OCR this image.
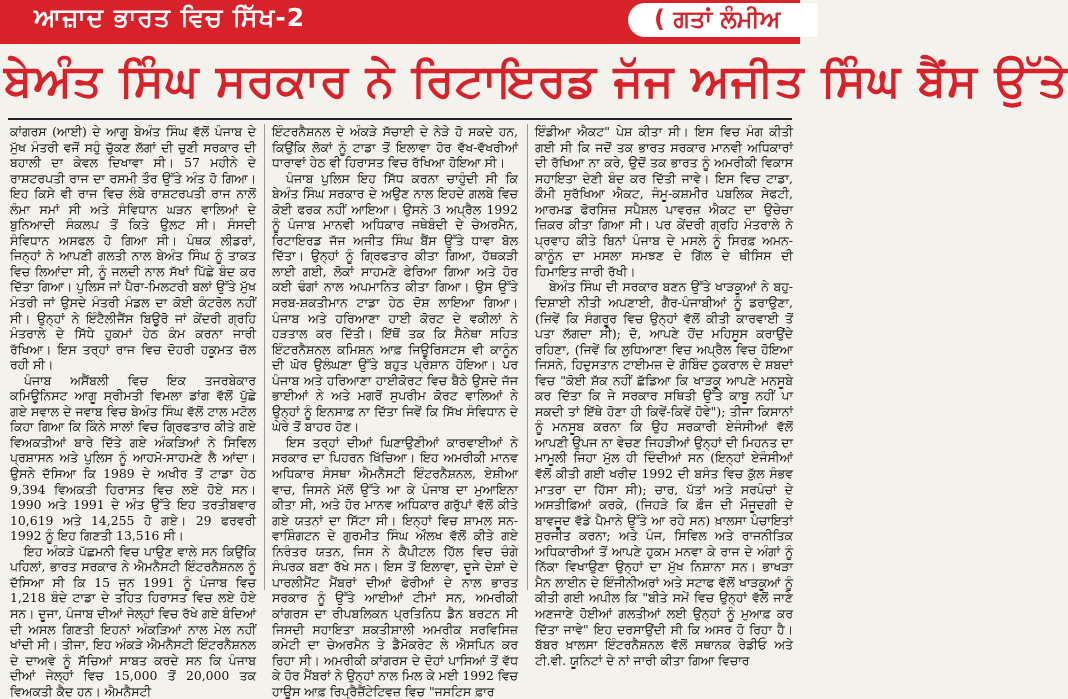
ਆਜ਼ਾਦ ਭਾਰਤ ਵਿਚ ਸਿੱਖ-2	( ਗਤਾਂ ਲੰਮੀਅ
ਬੇਅੰਤ ਸਿੰਘ ਸਰਕਾਰ ਨੇ ਰਿਟਾਇਰਡ ਜੱਜ ਅਜੀਤ ਸਿੰਘ ਬੈਂਸ ਉੱਤੇ

ਕਾਂਗਰਸ (ਆਈ) ਦੇ ਆਗੂ ਬੇਅੰਤ ਸਿੰਘ ਵੱਲੋਂ ਪੰਜਾਬ ਦੇ ਮੁੱਖ ਮੰਤਰੀ ਵਜੋਂ ਸਹੁੰ ਚੁੱਕਣ ਲੱਗਾਂ ਦੀ ਚੁਣੀ ਸਰਕਾਰ ਦੀ ਬਹਾਲੀ ਦਾ ਕੇਵਲ ਦਿਖਾਵਾ ਸੀ। 57 ਮਹੀਨੇ ਦੇ ਰਾਸ਼ਟਰਪਤੀ ਰਾਜ ਦਾ ਰਸਮੀ ਤੌਰ ਉੱਤੇ ਅੰਤ ਹੋ ਗਿਆ। ਇਹ ਕਿਸੇ ਵੀ ਰਾਜ ਵਿਚ ਲੰਬੇ ਰਾਸ਼ਟਰਪਤੀ ਰਾਜ ਨਾਲੋਂ ਲੰਮਾ ਸਮਾਂ ਸੀ ਅਤੇ ਸੰਵਿਧਾਨ ਘੜਨ ਵਾਲਿਆਂ ਦੇ ਬੁਨਿਆਦੀ ਸੰਕਲਪ ਤੋਂ ਕਿਤੇ ਉਲਟ ਸੀ। ਸੰਸਦੀ ਸੰਵਿਧਾਨ ਅਸਫਲ ਹੋ ਗਿਆ ਸੀ। ਪੰਥਕ ਲੀਡਰਾਂ, ਜਿਨ੍ਹਾਂ ਨੇ ਆਪਣੀ ਗਲਤੀ ਨਾਲ ਬੇਅੰਤ ਸਿੰਘ ਨੂੰ ਤਾਕਤ ਵਿਚ ਲਿਆਂਦਾ ਸੀ, ਨੂੰ ਜਲਦੀ ਨਾਲ ਸੱਖਾਂ ਪਿੱਛੇ ਬੰਦ ਕਰ ਦਿੱਤਾ ਗਿਆ। ਪੁਲਿਸ ਜਾਂ ਪੈਰਾ-ਮਿਲਟਰੀ ਬਲਾਂ ਉੱਤੇ ਮੁੱਖ ਮੰਤਰੀ ਜਾਂ ਉਸਦੇ ਮੰਤਰੀ ਮੰਡਲ ਦਾ ਕੋਈ ਕੰਟਰੋਲ ਨਹੀਂ ਸੀ। ਉਨ੍ਹਾਂ ਨੇ ਇੰਟੈਲੀਜੈਂਸ ਬਿਊਰੋ ਜਾਂ ਕੇਂਦਰੀ ਗ੍ਰਹਿ ਮੰਤਰਾਲੇ ਦੇ ਸਿੱਧੇ ਹੁਕਮਾਂ ਹੇਠ ਕੰਮ ਕਰਨਾ ਜਾਰੀ ਰੱਖਿਆ। ਇਸ ਤਰ੍ਹਾਂ ਰਾਜ ਵਿਚ ਦੋਹਰੀ ਹਕੂਮਤ ਚੱਲ ਰਹੀ ਸੀ।

ਪੰਜਾਬ ਅਸੈਂਬਲੀ ਵਿਚ ਇਕ ਤਜਰਬੇਕਾਰ ਕਮਿਊਨਿਸਟ ਆਗੂ ਸ੍ਰੀਮਤੀ ਵਿਮਲਾ ਡਾਂਗ ਵੱਲੋਂ ਪੁੱਛੇ ਗਏ ਸਵਾਲ ਦੇ ਜਵਾਬ ਵਿਚ ਬੇਅੰਤ ਸਿੰਘ ਵੱਲੋਂ ਟਾਲ ਮਟੋਲ ਕਿਹਾ ਗਿਆ ਕਿ ਕਿੰਨੇ ਸਾਲਾਂ ਵਿਚ ਗ੍ਰਿਫਤਾਰ ਕੀਤੇ ਗਏ ਵਿਅਕਤੀਆਂ ਬਾਰੇ ਦਿੱਤੇ ਗਏ ਅੰਕੜਿਆਂ ਨੇ ਸਿਵਿਲ ਪ੍ਰਸ਼ਾਸਨ ਅਤੇ ਪੁਲਿਸ ਨੂੰ ਆਹਮੋ-ਸਾਹਮਣੇ ਲੈ ਆਂਦਾ। ਉਸਨੇ ਦੱਸਿਆ ਕਿ 1989 ਦੇ ਅਖੀਰ ਤੋਂ ਟਾਡਾ ਹੇਠ 9,394 ਵਿਅਕਤੀ ਹਿਰਾਸਤ ਵਿਚ ਲਏ ਹੋਏ ਸਨ। 1990 ਅਤੇ 1991 ਦੇ ਅੰਤ ਉੱਤੇ ਇਹ ਤਰਤੀਬਵਾਰ 10,619 ਅਤੇ 14,255 ਹੋ ਗਏ। 29 ਫਰਵਰੀ 1992 ਨੂੰ ਇਹ ਗਿਣਤੀ 13,516 ਸੀ।

ਇਹ ਅੰਕੜੇ ਪੱਛਮਨੀ ਵਿਚ ਪਾਉਣ ਵਾਲੇ ਸਨ ਕਿਉਂਕਿ ਪਹਿਲਾਂ, ਭਾਰਤ ਸਰਕਾਰ ਨੇ ਐਮਨੈਸਟੀ ਇੰਟਰਨੈਸ਼ਨਲ ਨੂੰ ਦੱਸਿਆ ਸੀ ਕਿ 15 ਜੂਨ 1991 ਨੂੰ ਪੰਜਾਬ ਵਿਚ 1,218 ਬੰਦੇ ਟਾਡਾ ਦੇ ਤਹਿਤ ਹਿਰਾਸਤ ਵਿਚ ਲਏ ਹੋਏ ਸਨ। ਦੂਜਾ, ਪੰਜਾਬ ਦੀਆਂ ਜੇਲ੍ਹਾਂ ਵਿਚ ਰੱਖੇ ਗਏ ਬੰਦਿਆਂ ਦੀ ਅਸਲ ਗਿਣਤੀ ਇਹਨਾਂ ਅੰਕੜਿਆਂ ਨਾਲ ਮੇਲ ਨਹੀਂ ਖਾਂਦੀ ਸੀ। ਤੀਜਾ, ਇਹ ਅੰਕੜੇ ਐਮਨੈਸਟੀ ਇੰਟਰਨੈਸ਼ਨਲ ਦੇ ਦਾਅਵੇ ਨੂੰ ਸੱਚਿਆਂ ਸਾਬਤ ਕਰਦੇ ਸਨ ਕਿ ਪੰਜਾਬ ਦੀਆਂ ਜੇਲ੍ਹਾਂ ਵਿਚ 15,000 ਤੋਂ 20,000 ਤਕ ਵਿਅਕਤੀ ਕੈਦ ਹਨ। ਐਮਨੈਸਟੀ

ਇੰਟਰਨੈਸ਼ਨਲ ਦੇ ਅੰਕੜੇ ਸੱਚਾਈ ਦੇ ਨੇੜੇ ਹੋ ਸਕਦੇ ਹਨ, ਕਿਉਂਕਿ ਲੋਕਾਂ ਨੂੰ ਟਾਡਾ ਤੋਂ ਇਲਾਵਾ ਹੋਰ ਵੱਖ-ਵੱਖਰੀਆਂ ਧਾਰਾਵਾਂ ਹੇਠ ਵੀ ਹਿਰਾਸਤ ਵਿਚ ਰੱਖਿਆ ਹੋਇਆ ਸੀ।

ਪੰਜਾਬ ਪੁਲਿਸ ਇਹ ਸਿੱਧ ਕਰਨਾ ਚਾਹੁੰਦੀ ਸੀ ਕਿ ਬੇਅੰਤ ਸਿੰਘ ਸਰਕਾਰ ਦੇ ਅਉਣ ਨਾਲ ਇਹਦੇ ਗਲਬੇ ਵਿਚ ਕੋਈ ਫਰਕ ਨਹੀਂ ਆਇਆ। ਉਸਨੇ 3 ਅਪ੍ਰੈਲ 1992 ਨੂੰ ਪੰਜਾਬ ਮਾਨਵੀ ਅਧਿਕਾਰ ਜਥੇਬੰਦੀ ਦੇ ਚੇਅਰਮੈਨ, ਰਿਟਾਇਰਡ ਜੱਜ ਅਜੀਤ ਸਿੰਘ ਬੈਂਸ ਉੱਤੇ ਧਾਵਾ ਬੋਲ ਦਿੱਤਾ। ਉਨ੍ਹਾਂ ਨੂੰ ਗ੍ਰਿਫਤਾਰ ਕੀਤਾ ਗਿਆ, ਹੱਥਕੜੀ ਲਾਈ ਗਈ, ਲੋਕਾਂ ਸਾਹਮਣੇ ਫੇਰਿਆ ਗਿਆ ਅਤੇ ਹੋਰ ਕਈ ਢੰਗਾਂ ਨਾਲ ਅਪਮਾਨਿਤ ਕੀਤਾ ਗਿਆ। ਉਸ ਉੱਤੇ ਸਰਬ-ਸ਼ਕਤੀਮਾਨ ਟਾਡਾ ਹੇਠ ਦੋਸ਼ ਲਾਇਆ ਗਿਆ। ਪੰਜਾਬ ਅਤੇ ਹਰਿਆਣਾ ਹਾਈ ਕੋਰਟ ਦੇ ਵਕੀਲਾਂ ਨੇ ਹੜਤਾਲ ਕਰ ਦਿੱਤੀ। ਇੱਥੋਂ ਤਕ ਕਿ ਸੈਨੇਥਾ ਸਹਿਤ ਇੰਟਰਨੈਸ਼ਨਲ ਕਮਿਸ਼ਨ ਆਫ਼ ਜਿਊਰਿਸਟਸ ਵੀ ਕਾਨੂੰਨ ਦੀ ਘੋਰ ਉਲੰਘਣਾ ਉੱਤੇ ਬਹੁਤ ਪ੍ਰੇਸ਼ਾਨ ਹੋਇਆ। ਪਰ ਪੰਜਾਬ ਅਤੇ ਹਰਿਆਣਾ ਹਾਈਕੋਰਟ ਵਿਚ ਬੈਠੇ ਉਸਦੇ ਜੱਜ ਭਾਈਆਂ ਨੇ ਅਤੇ ਮਗਰੋਂ ਸੁਪਰੀਮ ਕੋਰਟ ਵਾਲਿਆਂ ਨੇ ਉਨ੍ਹਾਂ ਨੂੰ ਇਨਸਾਫ਼ ਨਾ ਦਿੱਤਾ ਜਿਵੇਂ ਕਿ ਸਿੱਖ ਸੰਵਿਧਾਨ ਦੇ ਘੇਰੇ ਤੋਂ ਬਾਹਰ ਹੋਣ।

ਇਸ ਤਰ੍ਹਾਂ ਦੀਆਂ ਘਿਣਾਉਣੀਆਂ ਕਾਰਵਾਈਆਂ ਨੇ ਸਰਕਾਰ ਦਾ ਪਿਹਰਨ ਖਿੱਚਿਆ। ਇਹ ਅਮਰੀਕੀ ਮਾਨਵ ਅਧਿਕਾਰ ਸੰਸਥਾ ਐਮਨੈਸਟੀ ਇੰਟਰਨੈਸ਼ਨਲ, ਏਸ਼ੀਆ ਵਾਚ, ਜਿਸਨੇ ਮੱਲੋਂ ਉੱਤੇ ਆ ਕੇ ਪੰਜਾਬ ਦਾ ਮੁਆਇਨਾ ਕੀਤਾ ਸੀ, ਅਤੇ ਹੋਰ ਮਾਨਵ ਅਧਿਕਾਰ ਗਰੁੱਪਾਂ ਵੱਲੋਂ ਕੀਤੇ ਗਏ ਯਤਨਾਂ ਦਾ ਸਿੱਟਾ ਸੀ। ਇਨ੍ਹਾਂ ਵਿਚ ਸ਼ਾਮਲ ਸਨ-ਵਾਸ਼ਿੰਗਟਨ ਦੇ ਗੁਰਮੀਤ ਸਿੰਘ ਔਲਖ ਵੱਲੋਂ ਕੀਤੇ ਗਏ ਨਿਰੰਤਰ ਯਤਨ, ਜਿਸ ਨੇ ਕੈਪੀਟਲ ਹਿੱਲ ਵਿਚ ਚੰਗੇ ਸੰਪਰਕ ਬਣਾ ਰੱਖੇ ਸਨ। ਇਸ ਤੋਂ ਇਲਾਵਾ, ਦੂਜੇ ਦੇਸ਼ਾਂ ਦੇ ਪਾਰਲੀਮੈਂਟ ਮੈਂਬਰਾਂ ਦੀਆਂ ਫੇਰੀਆਂ ਦੇ ਨਾਲ ਭਾਰਤ ਸਰਕਾਰ ਨੂੰ ਉੱਤੇ ਆਈਆਂ ਟੀਮਾਂ ਸਨ, ਅਮਰੀਕੀ ਕਾਂਗਰਸ ਦਾ ਰੀਪਬਲਿਕਨ ਪ੍ਰਤਿਨਿਧ ਡੈਨ ਬਰਟਨ ਸੀ ਜਿਸਦੀ ਸਹਾਇਤਾ ਸ਼ਕਤੀਸ਼ਾਲੀ ਅਮਰੀਕ ਸਰਵਿਸਿਜ਼ ਕਮੇਟੀ ਦਾ ਚੇਅਰਮੈਨ ਤੇ ਡੈਮੋਕਰੇਟ ਲੇ ਐਸਪਿਨ ਕਰ ਰਿਹਾ ਸੀ। ਅਮਰੀਕੀ ਕਾਂਗਰਸ ਦੇ ਦੋਹਾਂ ਪਾਸਿਆਂ ਤੋਂ ਵੱਧ ਕੇ ਹੋਰ ਮੈਂਬਰਾਂ ਨੇ ਉਨ੍ਹਾਂ ਨਾਲ ਮਿਲ ਕੇ ਮਈ 1992 ਵਿਚ ਹਾਊਸ ਆਫ਼ ਰਿਪ੍ਰੈਜ਼ੈਂਟੇਟਿਵਜ਼ ਵਿਚ "ਜਸਟਿਸ ਫ਼ਾਰ

ਇੰਡੀਆ ਐਕਟ" ਪੇਸ਼ ਕੀਤਾ ਸੀ। ਇਸ ਵਿਚ ਮੰਗ ਕੀਤੀ ਗਈ ਸੀ ਕਿ ਜਦੋਂ ਤਕ ਭਾਰਤ ਸਰਕਾਰ ਮਾਨਵੀ ਅਧਿਕਾਰਾਂ ਦੀ ਰੱਖਿਆ ਨਾ ਕਰੇ, ਉਦੋਂ ਤਕ ਭਾਰਤ ਨੂੰ ਅਮਰੀਕੀ ਵਿਕਾਸ ਸਹਾਇਤਾ ਦੇਣੀ ਬੰਦ ਕਰ ਦਿੱਤੀ ਜਾਵੇ। ਇਸ ਵਿਚ ਟਾਡਾ, ਕੌਮੀ ਸੁਰੱਖਿਆ ਐਕਟ, ਜੰਮੂ-ਕਸ਼ਮੀਰ ਪਬਲਿਕ ਸੇਫਟੀ, ਆਰਮਡ ਫੋਰਸਿਜ਼ ਸਪੈਸ਼ਲ ਪਾਵਰਜ਼ ਐਕਟ ਦਾ ਉਚੇਚਾ ਜ਼ਿਕਰ ਕੀਤਾ ਗਿਆ ਸੀ। ਪਰ ਕੇਂਦਰੀ ਗ੍ਰਹਿ ਮੰਤਰਾਲੇ ਨੇ ਪ੍ਰਵਾਹ ਕੀਤੇ ਬਿਨਾਂ ਪੰਜਾਬ ਦੇ ਮਸਲੇ ਨੂੰ ਸਿਰਫ਼ ਅਮਨ-ਕਾਨੂੰਨ ਦਾ ਮਸਲਾ ਸਮਝਣ ਦੇ ਗਿੱਲ ਦੇ ਥੀਸਿਸ ਦੀ ਹਿਮਾਇਤ ਜਾਰੀ ਰੱਖੀ।

ਬੇਅੰਤ ਸਿੰਘ ਦੀ ਸਰਕਾਰ ਬਣਨ ਉੱਤੇ ਖਾੜਕੂਆਂ ਨੇ ਬਹੁ-ਦਿਸ਼ਾਈ ਨੀਤੀ ਅਪਣਾਈ, ਗੈਰ-ਪੰਜਾਬੀਆਂ ਨੂੰ ਡਰਾਉਣਾ, (ਜਿਵੇਂ ਕਿ ਸੰਗਰੂਰ ਵਿਚ ਉਨ੍ਹਾਂ ਵੱਲੋਂ ਕੀਤੀ ਕਾਰਵਾਈ ਤੋਂ ਪਤਾ ਲੱਗਦਾ ਸੀ); ਦੋ, ਆਪਣੇ ਹੋਂਦ ਮਹਿਸੂਸ ਕਰਾਉਂਦੇ ਰਹਿਣਾ, (ਜਿਵੇਂ ਕਿ ਲੁਧਿਆਣਾ ਵਿਚ ਅਪ੍ਰੈਲ ਵਿਚ ਹੋਇਆ ਜਿਸਨੇ, ਹਿਦੁਸਤਾਨ ਟਾਈਮਜ਼ ਦੇ ਗੋਬਿੰਦ ਠੁਕਰਾਲ ਦੇ ਸ਼ਬਦਾਂ ਵਿਚ "ਕੋਈ ਸ਼ੱਕ ਨਹੀਂ ਛੱਡਿਆ ਕਿ ਖਾੜਕੂ ਆਪਣੇ ਮਨਸੂਬੇ ਕਰ ਦਿੱਤਾ ਕਿ ਜੇ ਸਰਕਾਰ ਸਥਿਤੀ ਉੱਤੇ ਕਾਬੂ ਨਹੀਂ ਪਾ ਸਕਦੀ ਤਾਂ ਇੱਥੇ ਹੋਣਾ ਹੀ ਕਿਵੇਂ-ਕਿਵੇਂ ਹੋਵੇ"); ਤੀਜਾ ਕਿਸਾਨਾਂ ਨੂੰ ਮਨਸੂਬ ਕਰਨਾ ਕਿ ਉਹ ਸਰਕਾਰੀ ਏਜੰਸੀਆਂ ਵੱਲੋਂ ਆਪਣੀ ਉਪਜ ਨਾ ਵੇਚਣ ਜਿਹੜੀਆਂ ਉਨ੍ਹਾਂ ਦੀ ਮਿਹਨਤ ਦਾ ਮਾਮੂਲੀ ਜਿਹਾ ਮੁੱਲ ਹੀ ਦਿੰਦੀਆਂ ਸਨ (ਇਨ੍ਹਾਂ ਏਜੰਸੀਆਂ ਵੱਲੋਂ ਕੀਤੀ ਗਈ ਖਰੀਦ 1992 ਦੀ ਬਸੰਤ ਵਿਚ ਕੁੱਲ ਸੰਭਵ ਮਾਤਰਾ ਦਾ ਹਿੱਸਾ ਸੀ); ਚਾਰ, ਪੱਤਾਂ ਅਤੇ ਸਰਪੰਚਾਂ ਦੇ ਅਸਤੀਫ਼ਿਆਂ ਕਰਕੇ, (ਜਿਹੜੇ ਕਿ ਫ਼ੌਜ ਦੀ ਮੌਜੂਦਗੀ ਦੇ ਬਾਵਜੂਦ ਵੱਡੇ ਪੈਮਾਨੇ ਉੱਤੇ ਆ ਰਹੇ ਸਨ) ਖ਼ਾਲਸਾ ਪੰਚਾਇਤਾਂ ਸੁਰਜੀਤ ਕਰਨਾ; ਅਤੇ ਪੰਜ, ਸਿਵਿਲ ਅਤੇ ਰਾਜਨੀਤਿਕ ਅਧਿਕਾਰੀਆਂ ਤੋਂ ਆਪਣੇ ਹੁਕਮ ਮਨਵਾ ਕੇ ਰਾਜ ਦੇ ਅੰਗਾਂ ਨੂੰ ਨਿੱਕਾ ਵਿਖਾਉਣਾ ਉਨ੍ਹਾਂ ਦਾ ਮੁੱਖ ਨਿਸ਼ਾਨਾ ਸਨ। ਭਾਖੜਾ ਮੈਨ ਲਾਈਨ ਦੇ ਇੰਜੀਨੀਅਰਾਂ ਅਤੇ ਸਟਾਫ ਵੱਲੋਂ ਖਾੜਕੂਆਂ ਨੂੰ ਕੀਤੀ ਗਈ ਅਪੀਲ ਕਿ "ਬੀਤੇ ਸਮੇਂ ਵਿਚ ਉਨ੍ਹਾਂ ਵੱਲੋਂ ਜਾਣੇ ਅਣਜਾਣੇ ਹੋਈਆਂ ਗਲਤੀਆਂ ਲਈ ਉਨ੍ਹਾਂ ਨੂੰ ਮੁਆਫ਼ ਕਰ ਦਿੱਤਾ ਜਾਵੇ" ਇਹ ਦਰਸਾਉਂਦੀ ਸੀ ਕਿ ਅਸਰ ਹੋ ਰਿਹਾ ਹੈ। ਬੱਬਰ ਖ਼ਾਲਸਾ ਇੰਟਰਨੈਸ਼ਨਲ ਵੱਲੋਂ ਸਥਾਨਕ ਰੇਡੀਓ ਅਤੇ ਟੀ.ਵੀ. ਯੂਨਿਟਾਂ ਦੇ ਨਾਂ ਜਾਰੀ ਕੀਤਾ ਗਿਆ ਵਿਚਾਰ
